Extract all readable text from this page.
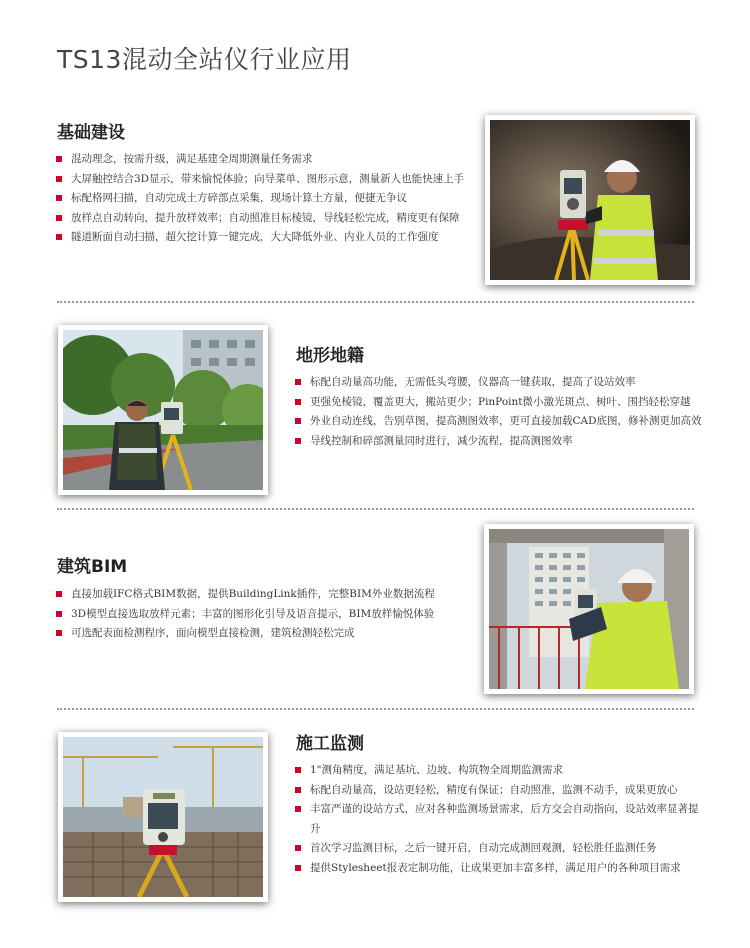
TS13混动全站仪行业应用
基础建设
混动理念，按需升级，满足基建全周期测量任务需求
大屏触控结合3D显示，带来愉悦体验；向导菜单、图形示意，测量新人也能快速上手
标配格网扫描，自动完成土方碎部点采集，现场计算土方量，便捷无争议
放样点自动转向，提升放样效率；自动照准目标棱镜，导线轻松完成，精度更有保障
隧道断面自动扫描，超欠挖计算一键完成，大大降低外业、内业人员的工作强度
地形地籍
标配自动量高功能，无需低头弯腰，仪器高一键获取，提高了设站效率
更强免棱镜，覆盖更大，搬站更少；PinPoint微小激光斑点、树叶、围挡轻松穿越
外业自动连线，告别草图，提高测图效率，更可直接加载CAD底图，修补测更加高效
导线控制和碎部测量同时进行，减少流程，提高测图效率
建筑BIM
直接加载IFC格式BIM数据，提供BuildingLink插件，完整BIM外业数据流程
3D模型直接选取放样元素；丰富的图形化引导及语音提示，BIM放样愉悦体验
可选配表面检测程序，面向模型直接检测，建筑检测轻松完成
施工监测
1"测角精度，满足基坑、边坡、构筑物全周期监测需求
标配自动量高，设站更轻松，精度有保证；自动照准，监测不动手，成果更放心
丰富严谨的设站方式，应对各种监测场景需求，后方交会自动指向，设站效率显著提升
首次学习监测目标，之后一键开启，自动完成测回观测，轻松胜任监测任务
提供Stylesheet报表定制功能，让成果更加丰富多样，满足用户的各种项目需求
